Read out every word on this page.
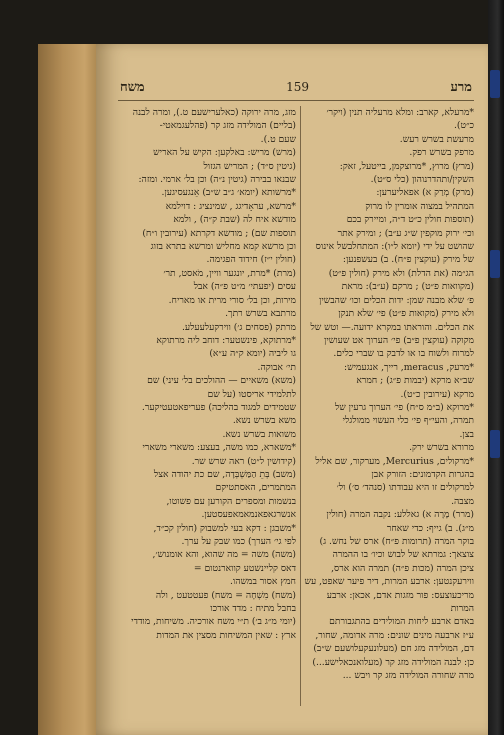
מרע
159
משח

*מרעלא, קארב: ומלא מרעליה תנין (ויקר׳

כ״ט).

מרעשת בשרש רעש.

מרפק בשרש רפק.

(מרץ) מרוץ, *מרוצקמן, בייטעל, זאק:

השקין/ותהדרנוהון (כלי ס״ט).

(מרק) מְרַק א) אפאליערען:

המתהיל במצוה אומרין לו מרוק

(תוספות חולין כ״ט ד״ה, ומיירק בכם

וכי׳ ירוק מוקפין ש״ג ע״ב) ; ומירק אתר

שהושט על ידי (יומא ל״ו): המתחלבשל אינוס

של מירק (עוקצין פ״ח). ב) בעשפנען:

הג״מה (את הדלת) ולא מירק (חולין פ״ט)

(מקוואות פ״ט) ; מרקם (ע״ב): מראת

פ׳ שלא מבנה שמן: ידות הכלים וכו׳ שהבשין

ולא מירק (מקואות פ״ט) פי׳ שלא תנקן

את הכלים. והוראתו במקרא ידועה.— וטש של

מקוקה (עוקצין פ״ב) פי׳ הערוך אט שעושין

למרוח ולשוח בו או לדבק בו שברי כלים.

*מרעק, meracus, רייך, אנגעמיש:

שב״א מרקא (יבמות פ״ג) ; חמרא

מרקא (עירובין כ״ט).

*מרוקא (ב״מ ס״ח) פי׳ הערוך גרעין של

תמרה, והעי״ף פי׳ כלי העשוי ממולגלי

בצן.

מרורא בשרש ירק.

*מרקולים, Mercurius, מערקור, שם אליל

בהגרות הקדמונים: הזורק אבן

למרקולים זו היא עבודתו (סנהד׳ ס׳) ול׳

מצבה.

(מרר) מָרָה א) גאללע: נקבה המרה (חולין

מ״ג). ב) גייף: כדי שאחר

בוקר המרה (תרומות פ״ח) ארס של נחש. ג)

צוצאך: גמרתא של לבוש וכיו׳ בו ההמרה

ציכן המרה (מכות פ״ה) תמרה הוא ארס,

ווירעקנטען: ארבע המרות, דיר פיער שאפט, עש

מריכעוצעס: פור מזגות אדם, אכאן: ארבע המרות

באדם ארבע ליחות המולידים בהתגבורתם

ע״ז ארבעה מינים שונים: מרה אדומה, שחור,

דם, המולידה מזג חם (מעלונעקעלושעם ש״ב)

כן: לבנה המולידה מזג קר (מעלואנכאלישע...)

מרה שחורה המולידה מזג קר ויבש ...

מזג, מרה ירוקה (כאלערישעם ט.), ומרה לבנה

(בליים) המולידה מזג קר (פהלעגמאטי-

שעם ט.).

(מרש) מריש: באלקען: הקיש על האריש

(גיטין ס״ד) ; המריש הגזול

שבנאו בבירה (גיטין נ״ה) וכן בל׳ ארמי. ומזה:

*מרשותא (יומא׳ ג״ב ש״ב) אֵנגעסיגען.

*מרשא, עראָדיגג , שמינציג : דוילמא

מודשא איח לה (שבת ק״ה) , ולמא

תוספות שם) ; מודשא דקרתא (עירובין ו״ח)

וכן מרשא קמא מחליש ומרשא בתרא בזוג

(חולין י״ז) חידוד הפגימה.

(מרת) *מרת, יונגער וויין, מֹאסט, תר׳

עסים (יפעתי׳ מ״ט פ״ה) אבל

מירות, וכן בל׳ סורי מרית או מאריח.

מרתבא בשרש רתך.

מרתק (פסחים ג׳) ווירקעלעעלע.

*מרתוקא, פינשטער: דוחב ליה מרתוקא

גו ליביה (יומא ק״ה ע״א)

תי׳ אבוקה.

(משא) משאיים — ההולכים בל׳ עיני) שם

לתלמידי אריסטו (על שם

שטמידים למגוד בהליכה) פעריפאטעטיקער.

משא בשרש נשא.

משואות בשרש נשא.

*משארא, כמו משה, בעצע: משארי משארי

(קידושין ל״ט) ראה שרש שר.

(משב) בְּתֵ הַמַּשְׁבְּדָה, שם כת יהודה אצל

המתמרים, האסתטיקם

בנשמות ומספרים הקורען עם פשוטו,

אנשרגאפאנמאמאפעסטען.

*משבגן : דקא בעי למשבוק (חולין קכ״ד,

לפי גי׳ הערך) כמו שבק על ערך.

(משה) משה = מה שהוא, והא אומנוש׳,

דאס קליינשטע קווארנטום =

חמץ אסור במשהו.

(משח) מִשְׁחָה = משח) פעטטעט , ולה

בחבל מתיח : מדד אורכו

(יומי מ״ג ב׳) ת״י משח אורכיה. משיחות, מודדי

ארץ : שאין המשיחות מסצין את המדות
